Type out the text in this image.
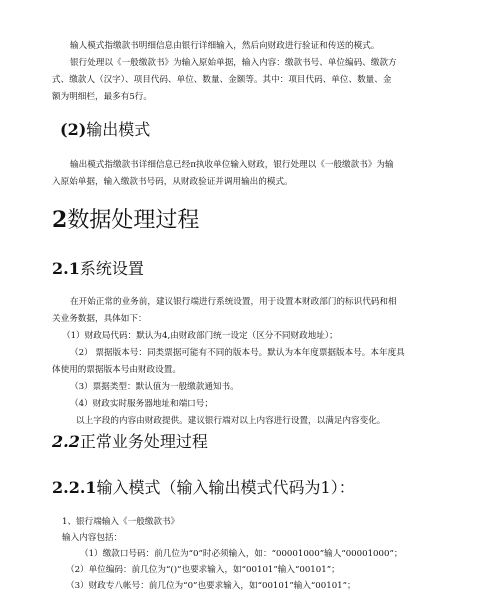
输人模式指缴款书明细信息由银行详细输入，然后向财政进行验证和传送的模式。
银行处理以《一般缴款书》为输入原始单据，输入内容：缴款书号、单位编码、缴款方
式、缴款人（汉字）、项目代码、单位、数量、金额等。其中：项目代码、单位、数量、金
额为明细栏，最多有5行。
(2)输出模式
输出模式指缴款书详细信息已经π执收单位输入财政，银行处理以《一般缴款书》为输
入原始单据，输入缴款书号码，从财政验证并调用输出的模式。
2数据处理过程
2.1系统设置
在开始正常的业务前，建议银行端进行系统设置，用于设置本财政部门的标识代码和相
关业务数据，具体如下：
（1）财政局代码：默认为4,由财政部门统一设定（区分不同财政地址）；
（2） 票据版本号：同类票据可能有不同的版本号。默认为本年度票据版本号。本年度具
体使用的票据版本号由财政设置。
（3）票据类型：默认值为一般缴款通知书。
（4）财政实时服务器地址和端口号；
以上字段的内容由财政提供。建议银行端对以上内容进行设置，以满足内容变化。
2.2正常业务处理过程
2.2.1输入模式（输入输出模式代码为1）：
1、银行端输入《一般缴款书》
输入内容包括：
（1）缴款口号码：前几位为“0”时必须输入，如：“00001000”输人“00001000”；
（2）单位编码：前几位为“()”也要求输入，如“00101”输入“00101”；
（3）财政专八帐号：前几位为“0”也要求输入，如“00101”输入“00101”；
